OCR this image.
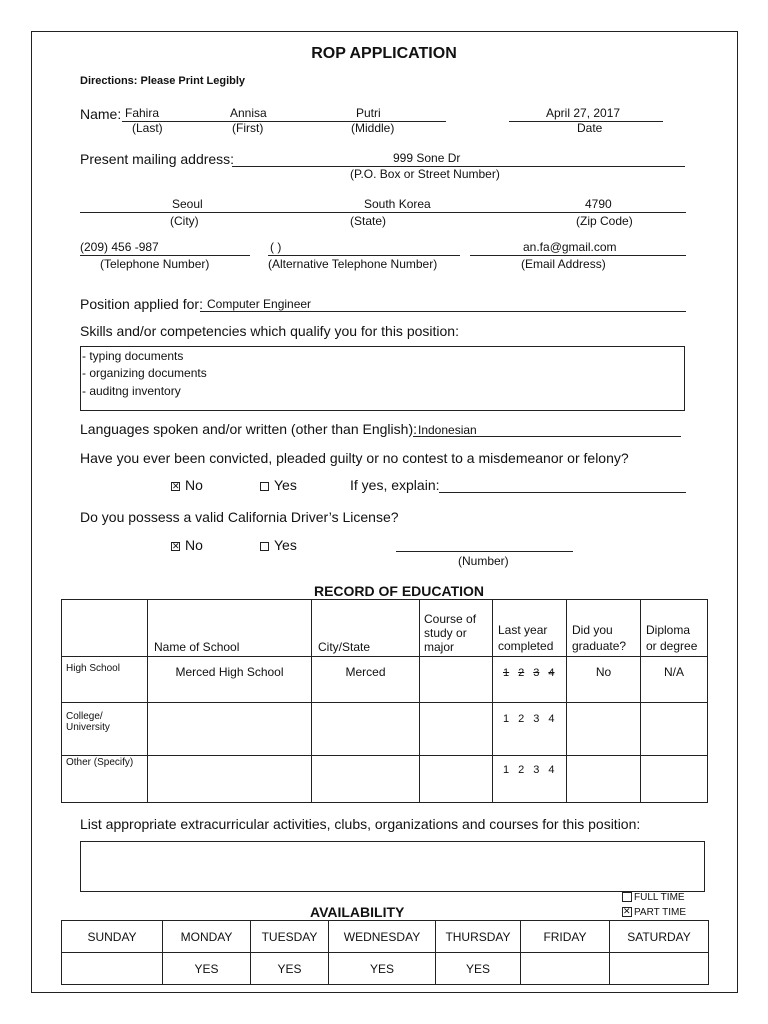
ROP APPLICATION
Directions: Please Print Legibly
Name: Fahira	Annisa	Putri	April 27, 2017
(Last)	(First)	(Middle)	Date
Present mailing address:	999 Sone Dr
(P.O. Box or Street Number)
Seoul	South Korea	4790
(City)	(State)	(Zip Code)
(209) 456 -987	( )	an.fa@gmail.com
(Telephone Number)	(Alternative Telephone Number)	(Email Address)
Position applied for: Computer Engineer
Skills and/or competencies which qualify you for this position:
- typing documents
- organizing documents
- auditng inventory
Languages spoken and/or written (other than English): Indonesian
Have you ever been convicted, pleaded guilty or no contest to a misdemeanor or felony?
✕No	Yes	If yes, explain:
Do you possess a valid California Driver’s License?
✕No	Yes
(Number)
RECORD OF EDUCATION
	Name of School	City/State	Course of study or major	Last year completed	Did you graduate?	Diploma or degree
High School	Merced High School	Merced		1 2 3 4	No	N/A
College/ University				1 2 3 4		
Other (Specify)				1 2 3 4		
List appropriate extracurricular activities, clubs, organizations and courses for this position:
AVAILABILITY
FULL TIME
✕PART TIME
SUNDAY	MONDAY	TUESDAY	WEDNESDAY	THURSDAY	FRIDAY	SATURDAY
	YES	YES	YES	YES		
